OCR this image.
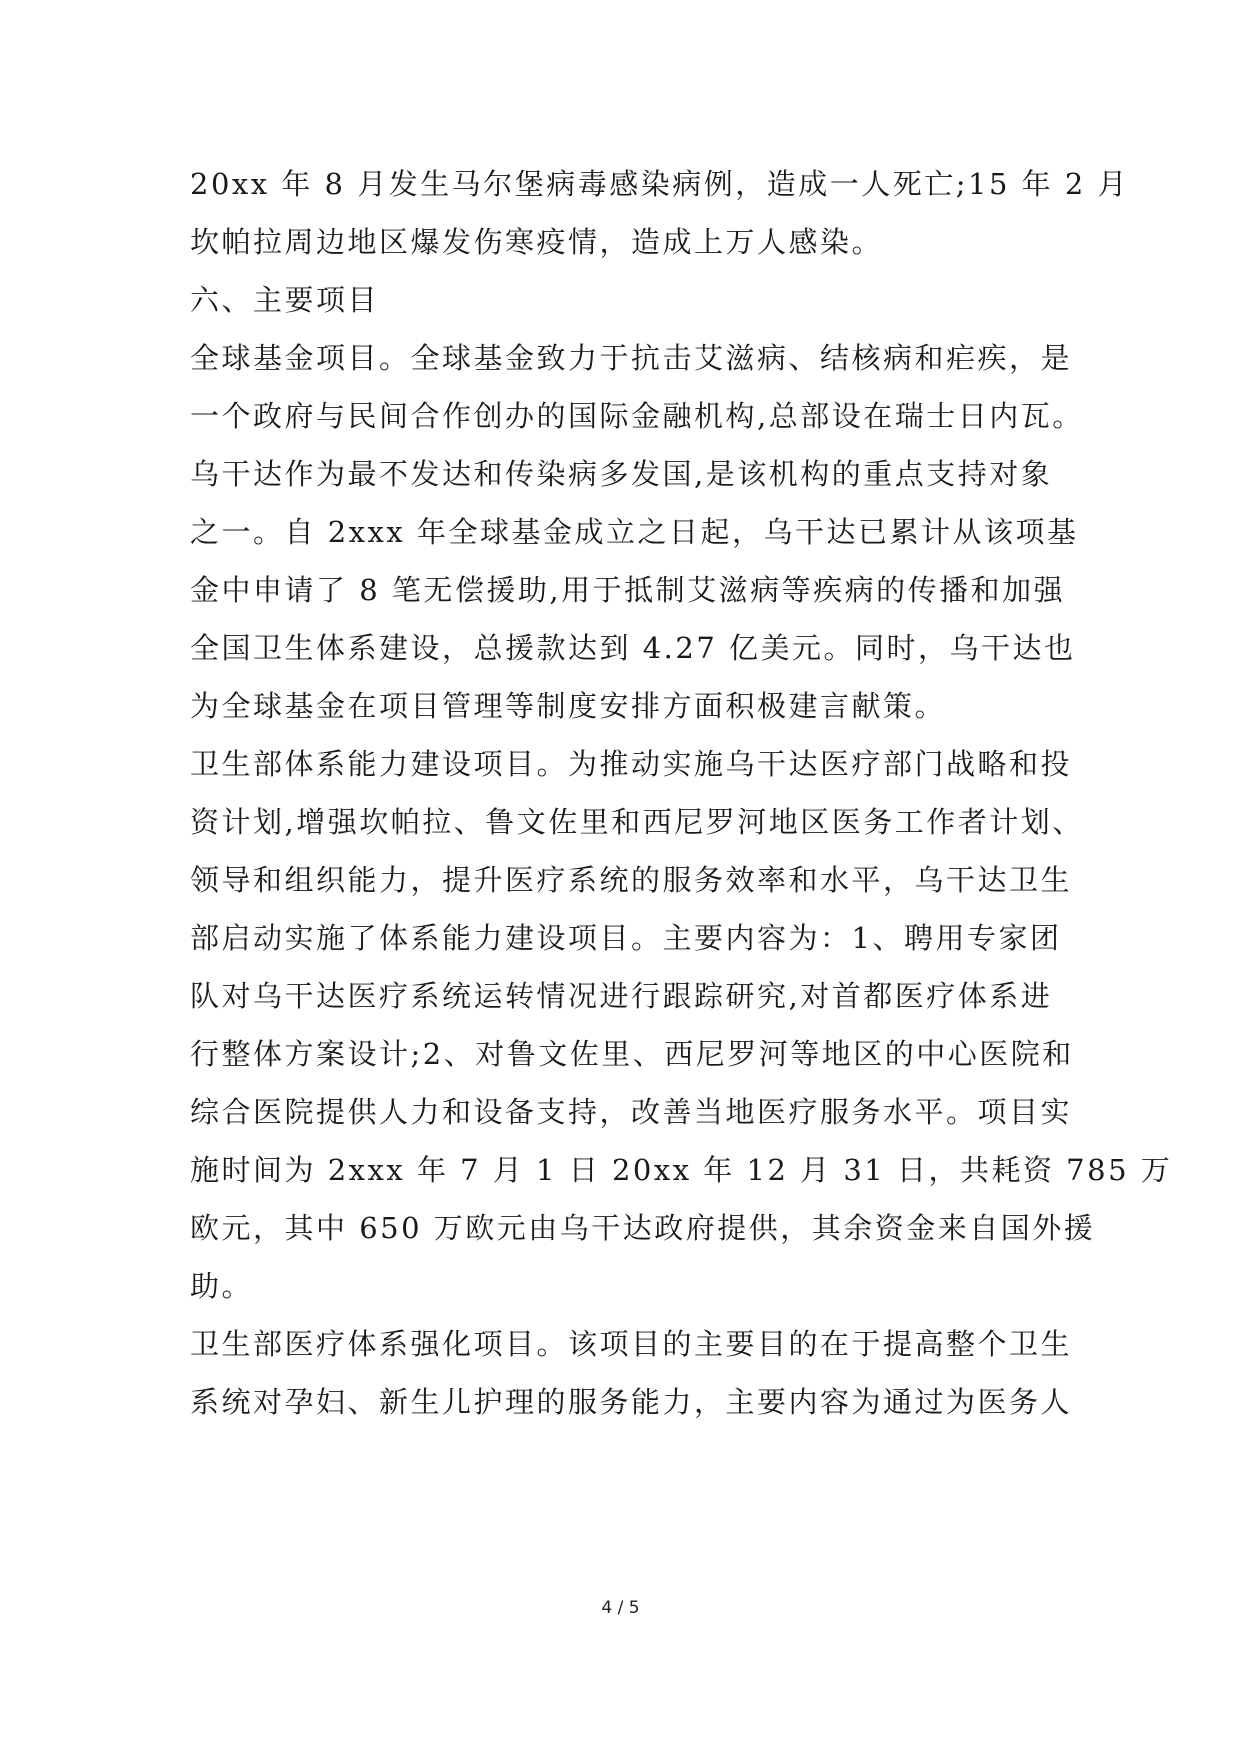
20xx 年 8 月发生马尔堡病毒感染病例，造成一人死亡;15 年 2 月
坎帕拉周边地区爆发伤寒疫情，造成上万人感染。
六、主要项目
全球基金项目。全球基金致力于抗击艾滋病、结核病和疟疾，是
一个政府与民间合作创办的国际金融机构,总部设在瑞士日内瓦。
乌干达作为最不发达和传染病多发国,是该机构的重点支持对象
之一。自 2xxx 年全球基金成立之日起，乌干达已累计从该项基
金中申请了 8 笔无偿援助,用于抵制艾滋病等疾病的传播和加强
全国卫生体系建设，总援款达到 4.27 亿美元。同时，乌干达也
为全球基金在项目管理等制度安排方面积极建言献策。
卫生部体系能力建设项目。为推动实施乌干达医疗部门战略和投
资计划,增强坎帕拉、鲁文佐里和西尼罗河地区医务工作者计划、
领导和组织能力，提升医疗系统的服务效率和水平，乌干达卫生
部启动实施了体系能力建设项目。主要内容为：1、聘用专家团
队对乌干达医疗系统运转情况进行跟踪研究,对首都医疗体系进
行整体方案设计;2、对鲁文佐里、西尼罗河等地区的中心医院和
综合医院提供人力和设备支持，改善当地医疗服务水平。项目实
施时间为 2xxx 年 7 月 1 日 20xx 年 12 月 31 日，共耗资 785 万
欧元，其中 650 万欧元由乌干达政府提供，其余资金来自国外援
助。
卫生部医疗体系强化项目。该项目的主要目的在于提高整个卫生
系统对孕妇、新生儿护理的服务能力，主要内容为通过为医务人
4 / 5
